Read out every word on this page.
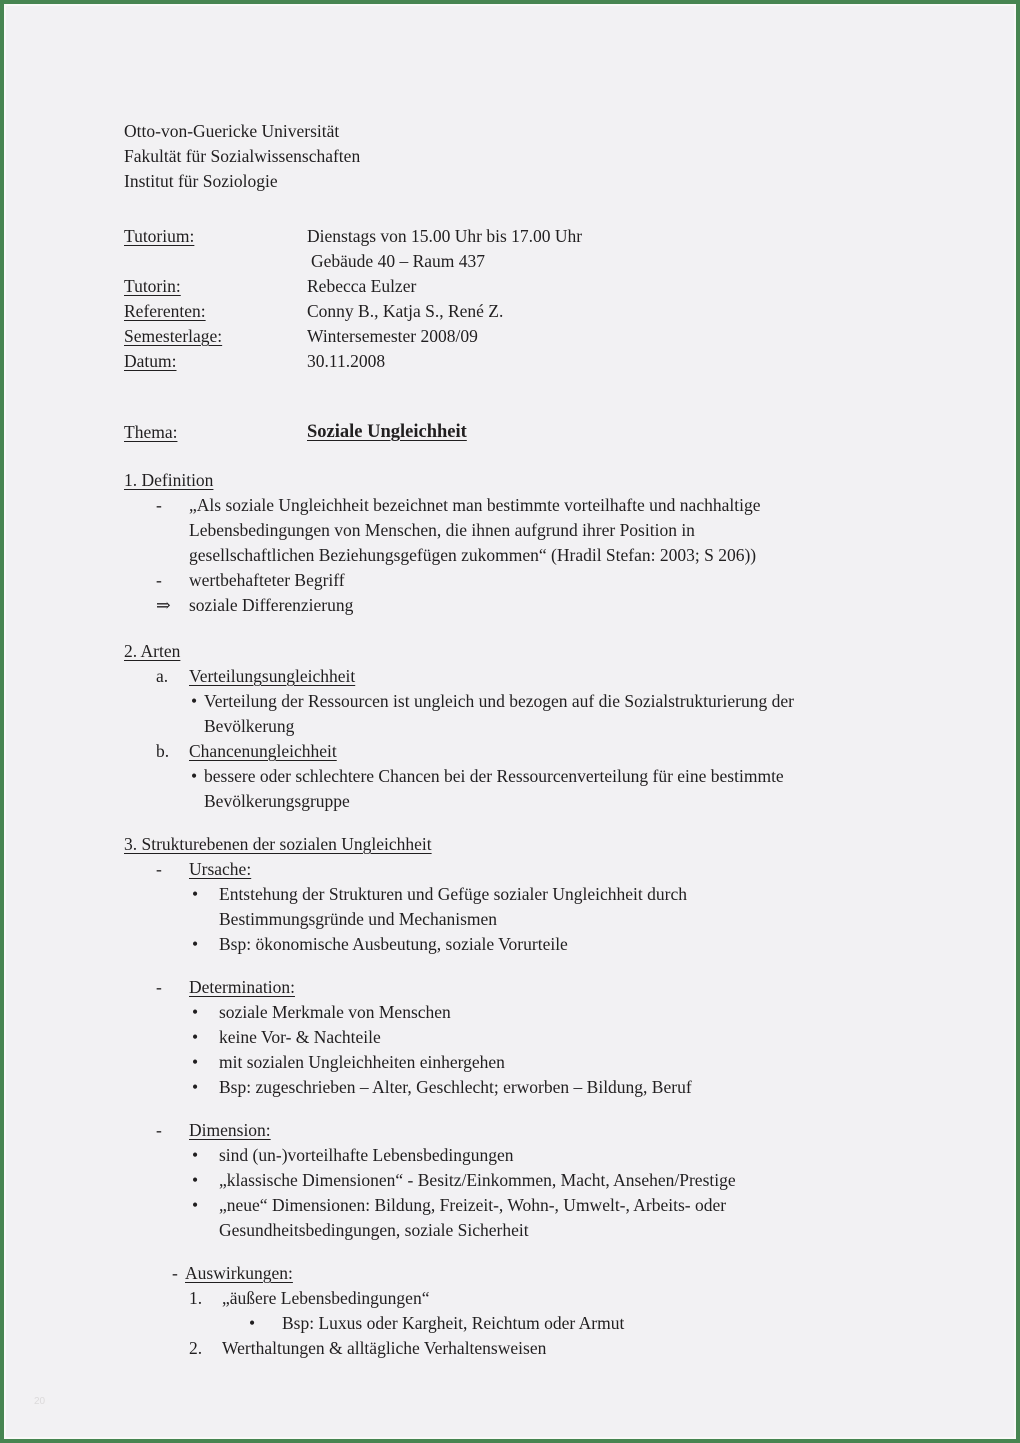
Otto-von-Guericke Universität
Fakultät für Sozialwissenschaften
Institut für Soziologie
Tutorium:	Dienstags von 15.00 Uhr bis 17.00 Uhr
Gebäude 40 – Raum 437
Tutorin:	Rebecca Eulzer
Referenten:	Conny B., Katja S., René Z.
Semesterlage:	Wintersemester 2008/09
Datum:	30.11.2008
Thema:	Soziale Ungleichheit
1. Definition
-	„Als soziale Ungleichheit bezeichnet man bestimmte vorteilhafte und nachhaltige
Lebensbedingungen von Menschen, die ihnen aufgrund ihrer Position in
gesellschaftlichen Beziehungsgefügen zukommen“ (Hradil Stefan: 2003; S 206))
-	wertbehafteter Begriff
⇒	soziale Differenzierung
2. Arten
a.	Verteilungsungleichheit
• Verteilung der Ressourcen ist ungleich und bezogen auf die Sozialstrukturierung der
Bevölkerung
b.	Chancenungleichheit
• bessere oder schlechtere Chancen bei der Ressourcenverteilung für eine bestimmte
Bevölkerungsgruppe
3. Strukturebenen der sozialen Ungleichheit
-	Ursache:
•	Entstehung der Strukturen und Gefüge sozialer Ungleichheit durch
Bestimmungsgründe und Mechanismen
•	Bsp: ökonomische Ausbeutung, soziale Vorurteile
-	Determination:
•	soziale Merkmale von Menschen
•	keine Vor- & Nachteile
•	mit sozialen Ungleichheiten einhergehen
•	Bsp: zugeschrieben – Alter, Geschlecht; erworben – Bildung, Beruf
-	Dimension:
•	sind (un-)vorteilhafte Lebensbedingungen
•	„klassische Dimensionen“ - Besitz/Einkommen, Macht, Ansehen/Prestige
•	„neue“ Dimensionen: Bildung, Freizeit-, Wohn-, Umwelt-, Arbeits- oder
Gesundheitsbedingungen, soziale Sicherheit
- Auswirkungen:
1.	„äußere Lebensbedingungen“
•	Bsp: Luxus oder Kargheit, Reichtum oder Armut
2.	Werthaltungen & alltägliche Verhaltensweisen
20
